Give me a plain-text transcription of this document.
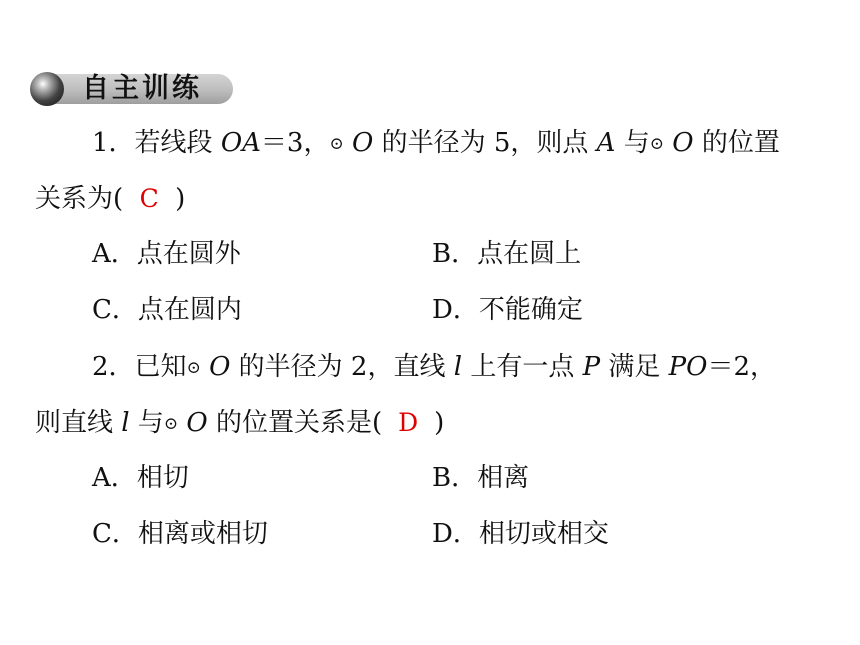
自主训练
1．若线段 OA＝3，⊙ O 的半径为 5，则点 A 与⊙ O 的位置
关系为( C )
A．点在圆外	B．点在圆上
C．点在圆内	D．不能确定
2．已知⊙ O 的半径为 2，直线 l 上有一点 P 满足 PO＝2，
则直线 l 与⊙ O 的位置关系是( D )
A．相切	B．相离
C．相离或相切	D．相切或相交
